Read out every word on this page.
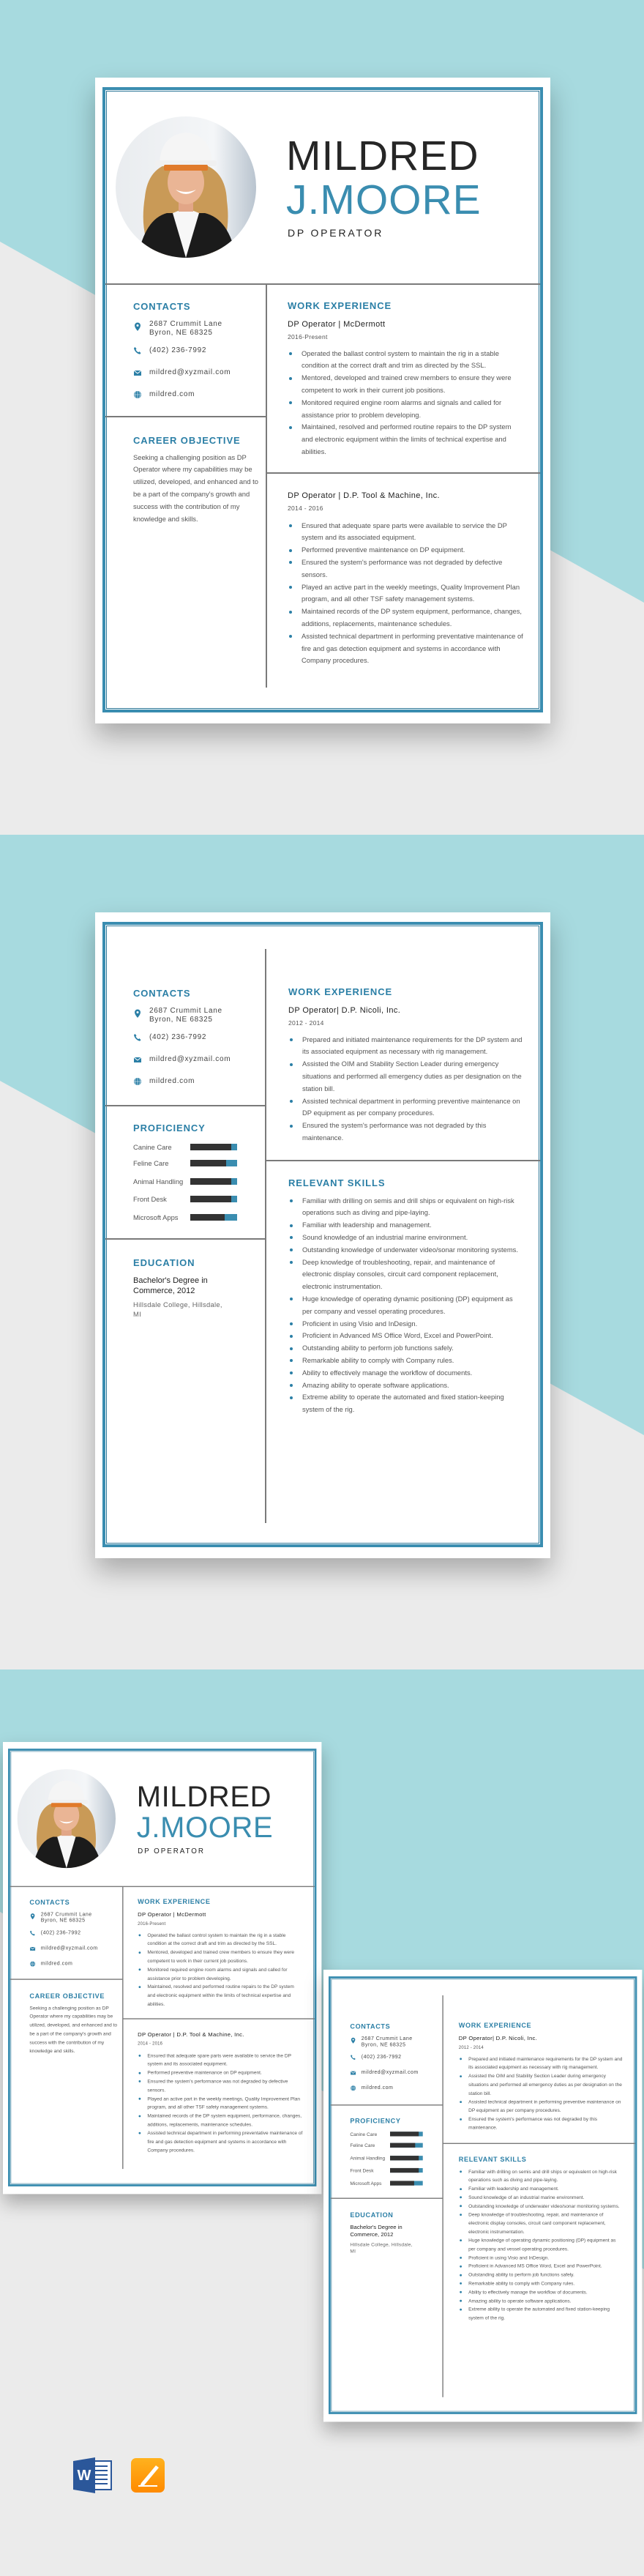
MILDRED
J.MOORE
DP OPERATOR
CONTACTS
2687 Crummit Lane
Byron, NE 68325
(402) 236-7992
mildred@xyzmail.com
mildred.com
CAREER OBJECTIVE
Seeking a challenging position as DP Operator where my capabilities may be utilized, developed, and enhanced and to be a part of the company's growth and success with the contribution of my knowledge and skills.
WORK EXPERIENCE
DP Operator | McDermott
2016-Present
Operated the ballast control system to maintain the rig in a stable condition at the correct draft and trim as directed by the SSL.
Mentored, developed and trained crew members to ensure they were competent to work in their current job positions.
Monitored required engine room alarms and signals and called for assistance prior to problem developing.
Maintained, resolved and performed routine repairs to the DP system and electronic equipment within the limits of technical expertise and abilities.
DP Operator | D.P. Tool & Machine, Inc.
2014 - 2016
Ensured that adequate spare parts were available to service the DP system and its associated equipment.
Performed preventive maintenance on DP equipment.
Ensured the system's performance was not degraded by defective sensors.
Played an active part in the weekly meetings, Quality Improvement Plan program, and all other TSF safety management systems.
Maintained records of the DP system equipment, performance, changes, additions, replacements, maintenance schedules.
Assisted technical department in performing preventative maintenance of fire and gas detection equipment and systems in accordance with Company procedures.
CONTACTS
2687 Crummit Lane
Byron, NE 68325
(402) 236-7992
mildred@xyzmail.com
mildred.com
PROFICIENCY
Canine Care
Feline Care
Animal Handling
Front Desk
Microsoft Apps
EDUCATION
Bachelor's Degree in Commerce, 2012
Hillsdale College, Hillsdale, MI
WORK EXPERIENCE
DP Operator| D.P. Nicoli, Inc.
2012 - 2014
Prepared and initiated maintenance requirements for the DP system and its associated equipment as necessary with rig management.
Assisted the OIM and Stability Section Leader during emergency situations and performed all emergency duties as per designation on the station bill.
Assisted technical department in performing preventive maintenance on DP equipment as per company procedures.
Ensured the system's performance was not degraded by this maintenance.
RELEVANT SKILLS
Familiar with drilling on semis and drill ships or equivalent on high-risk operations such as diving and pipe-laying.
Familiar with leadership and management.
Sound knowledge of an industrial marine environment.
Outstanding knowledge of underwater video/sonar monitoring systems.
Deep knowledge of troubleshooting, repair, and maintenance of electronic display consoles, circuit card component replacement, electronic instrumentation.
Huge knowledge of operating dynamic positioning (DP) equipment as per company and vessel operating procedures.
Proficient in using Visio and InDesign.
Proficient in Advanced MS Office Word, Excel and PowerPoint.
Outstanding ability to perform job functions safely.
Remarkable ability to comply with Company rules.
Ability to effectively manage the workflow of documents.
Amazing ability to operate software applications.
Extreme ability to operate the automated and fixed station-keeping system of the rig.
MILDRED
J.MOORE
DP OPERATOR
CONTACTS
2687 Crummit Lane
Byron, NE 68325
(402) 236-7992
mildred@xyzmail.com
mildred.com
CAREER OBJECTIVE
Seeking a challenging position as DP Operator where my capabilities may be utilized, developed, and enhanced and to be a part of the company's growth and success with the contribution of my knowledge and skills.
WORK EXPERIENCE
DP Operator | McDermott
2016-Present
Operated the ballast control system to maintain the rig in a stable condition at the correct draft and trim as directed by the SSL.
Mentored, developed and trained crew members to ensure they were competent to work in their current job positions.
Monitored required engine room alarms and signals and called for assistance prior to problem developing.
Maintained, resolved and performed routine repairs to the DP system and electronic equipment within the limits of technical expertise and abilities.
DP Operator | D.P. Tool & Machine, Inc.
2014 - 2016
Ensured that adequate spare parts were available to service the DP system and its associated equipment.
Performed preventive maintenance on DP equipment.
Ensured the system's performance was not degraded by defective sensors.
Played an active part in the weekly meetings, Quality Improvement Plan program, and all other TSF safety management systems.
Maintained records of the DP system equipment, performance, changes, additions, replacements, maintenance schedules.
Assisted technical department in performing preventative maintenance of fire and gas detection equipment and systems in accordance with Company procedures.
CONTACTS
2687 Crummit Lane
Byron, NE 68325
(402) 236-7992
mildred@xyzmail.com
mildred.com
PROFICIENCY
Canine Care
Feline Care
Animal Handling
Front Desk
Microsoft Apps
EDUCATION
Bachelor's Degree in Commerce, 2012
Hillsdale College, Hillsdale, MI
WORK EXPERIENCE
DP Operator| D.P. Nicoli, Inc.
2012 - 2014
Prepared and initiated maintenance requirements for the DP system and its associated equipment as necessary with rig management.
Assisted the OIM and Stability Section Leader during emergency situations and performed all emergency duties as per designation on the station bill.
Assisted technical department in performing preventive maintenance on DP equipment as per company procedures.
Ensured the system's performance was not degraded by this maintenance.
RELEVANT SKILLS
Familiar with drilling on semis and drill ships or equivalent on high-risk operations such as diving and pipe-laying.
Familiar with leadership and management.
Sound knowledge of an industrial marine environment.
Outstanding knowledge of underwater video/sonar monitoring systems.
Deep knowledge of troubleshooting, repair, and maintenance of electronic display consoles, circuit card component replacement, electronic instrumentation.
Huge knowledge of operating dynamic positioning (DP) equipment as per company and vessel operating procedures.
Proficient in using Visio and InDesign.
Proficient in Advanced MS Office Word, Excel and PowerPoint.
Outstanding ability to perform job functions safely.
Remarkable ability to comply with Company rules.
Ability to effectively manage the workflow of documents.
Amazing ability to operate software applications.
Extreme ability to operate the automated and fixed station-keeping system of the rig.
W
